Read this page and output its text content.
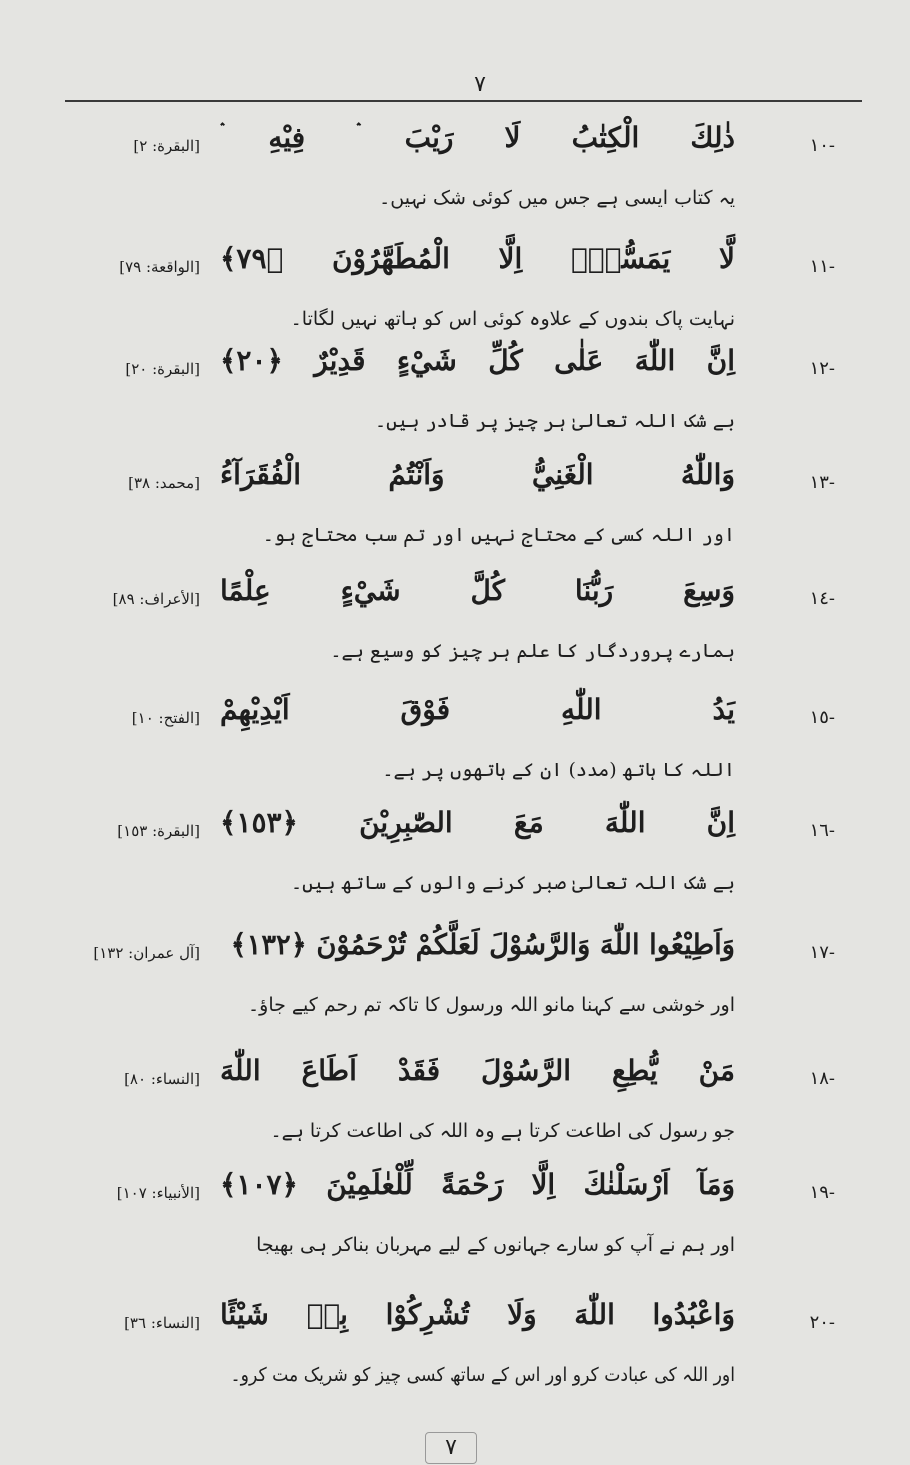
٧
-١٠
ذٰلِكَ الْكِتٰبُ لَا رَيْبَ ۛ فِيْهِ ۛ
[البقرة: ٢]
یہ کتاب ایسی ہے جس میں کوئی شک نہیں۔
-١١
لَّا يَمَسُّهٗۤ اِلَّا الْمُطَهَّرُوْنَ ﴿٧٩﴾
[الواقعة: ٧٩]
نہایت پاک بندوں کے علاوہ کوئی اس کو ہاتھ نہیں لگاتا۔
-١٢
اِنَّ اللّٰهَ عَلٰى كُلِّ شَيْءٍ قَدِيْرٌ ﴿٢٠﴾
[البقرة: ٢٠]
بے شک اللہ تعالیٰ ہر چیز پر قادر ہیں۔
-١٣
وَاللّٰهُ الْغَنِيُّ وَاَنْتُمُ الْفُقَرَآءُ
[محمد: ٣٨]
اور اللہ کسی کے محتاج نہیں اور تم سب محتاج ہو۔
-١٤
وَسِعَ رَبُّنَا كُلَّ شَيْءٍ عِلْمًا
[الأعراف: ٨٩]
ہمارے پروردگار کا علم ہر چیز کو وسیع ہے۔
-١٥
يَدُ اللّٰهِ فَوْقَ اَيْدِيْهِمْ
[الفتح: ١٠]
اللہ کا ہاتھ (مدد) ان کے ہاتھوں پر ہے۔
-١٦
اِنَّ اللّٰهَ مَعَ الصّٰبِرِيْنَ ﴿١٥٣﴾
[البقرة: ١٥٣]
بے شک اللہ تعالیٰ صبر کرنے والوں کے ساتھ ہیں۔
-١٧
وَاَطِيْعُوا اللّٰهَ وَالرَّسُوْلَ لَعَلَّكُمْ تُرْحَمُوْنَ ﴿١٣٢﴾
[آل عمران: ١٣٢]
اور خوشی سے کہنا مانو اللہ ورسول کا تاکہ تم رحم کیے جاؤ۔
-١٨
مَنْ يُّطِعِ الرَّسُوْلَ فَقَدْ اَطَاعَ اللّٰهَ
[النساء: ٨٠]
جو رسول کی اطاعت کرتا ہے وہ اللہ کی اطاعت کرتا ہے۔
-١٩
وَمَآ اَرْسَلْنٰكَ اِلَّا رَحْمَةً لِّلْعٰلَمِيْنَ ﴿١٠٧﴾
[الأنبياء: ١٠٧]
اور ہم نے آپ کو سارے جہانوں کے لیے مہربان بناکر ہی بھیجا
-٢٠
وَاعْبُدُوا اللّٰهَ وَلَا تُشْرِكُوْا بِهٖ شَيْئًا
[النساء: ٣٦]
اور اللہ کی عبادت کرو اور اس کے ساتھ کسی چیز کو شریک مت کرو۔
٧
